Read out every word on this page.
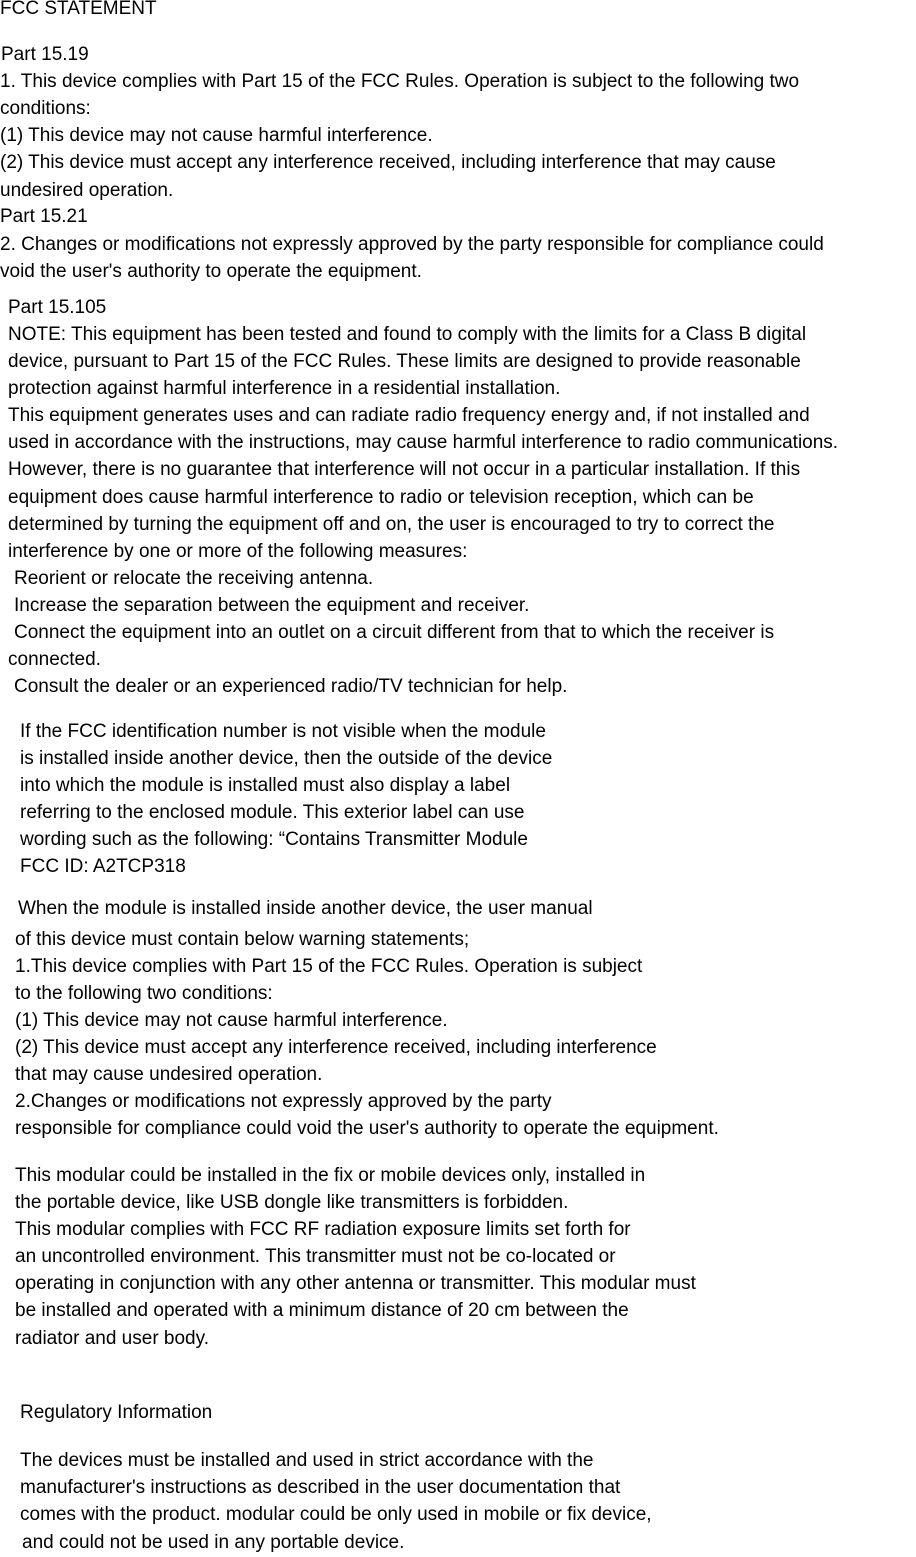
FCC STATEMENT
Part 15.19
1. This device complies with Part 15 of the FCC Rules. Operation is subject to the following two
conditions:
(1) This device may not cause harmful interference.
(2) This device must accept any interference received, including interference that may cause
undesired operation.
Part 15.21
2. Changes or modifications not expressly approved by the party responsible for compliance could
void the user's authority to operate the equipment.
Part 15.105
NOTE: This equipment has been tested and found to comply with the limits for a Class B digital
device, pursuant to Part 15 of the FCC Rules. These limits are designed to provide reasonable
protection against harmful interference in a residential installation.
This equipment generates uses and can radiate radio frequency energy and, if not installed and
used in accordance with the instructions, may cause harmful interference to radio communications.
However, there is no guarantee that interference will not occur in a particular installation. If this
equipment does cause harmful interference to radio or television reception, which can be
determined by turning the equipment off and on, the user is encouraged to try to correct the
interference by one or more of the following measures:
Reorient or relocate the receiving antenna.
Increase the separation between the equipment and receiver.
Connect the equipment into an outlet on a circuit different from that to which the receiver is
connected.
Consult the dealer or an experienced radio/TV technician for help.
If the FCC identification number is not visible when the module
is installed inside another device, then the outside of the device
into which the module is installed must also display a label
referring to the enclosed module. This exterior label can use
wording such as the following: “Contains Transmitter Module
FCC ID: A2TCP318
When the module is installed inside another device, the user manual
of this device must contain below warning statements;
1.This device complies with Part 15 of the FCC Rules. Operation is subject
to the following two conditions:
(1) This device may not cause harmful interference.
(2) This device must accept any interference received, including interference
that may cause undesired operation.
2.Changes or modifications not expressly approved by the party
responsible for compliance could void the user's authority to operate the equipment.
This modular could be installed in the fix or mobile devices only, installed in
the portable device, like USB dongle like transmitters is forbidden.
This modular complies with FCC RF radiation exposure limits set forth for
an uncontrolled environment. This transmitter must not be co-located or
operating in conjunction with any other antenna or transmitter. This modular must
be installed and operated with a minimum distance of 20 cm between the
radiator and user body.
Regulatory Information
The devices must be installed and used in strict accordance with the
manufacturer's instructions as described in the user documentation that
comes with the product. modular could be only used in mobile or fix device,
and could not be used in any portable device.
